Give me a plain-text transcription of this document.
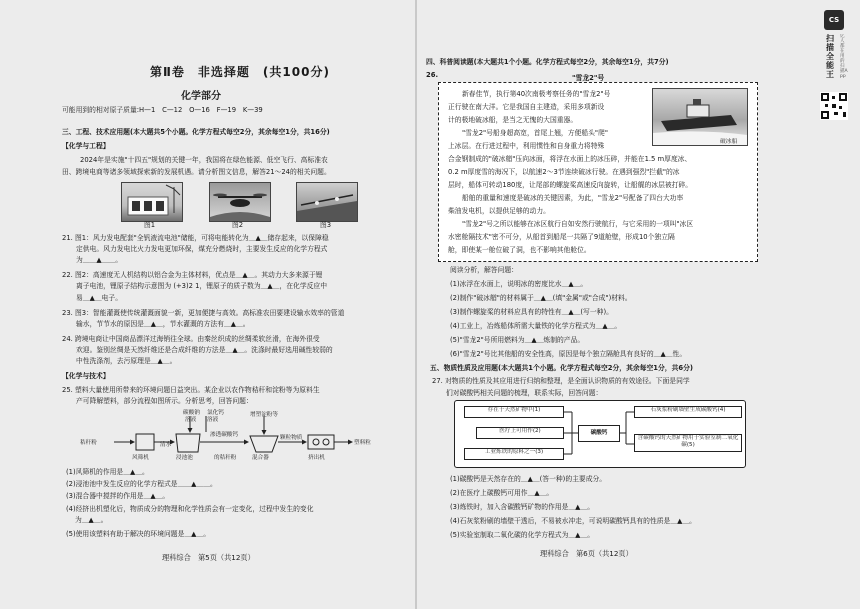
第Ⅱ卷　非选择题　(共100分)
化学部分
可能用到的相对原子质量:H—1　C—12　O—16　F—19　K—39
三、工程、技术应用题(本大题共5个小题。化学方程式每空2分，其余每空1分，共16分)
【化学与工程】
2024年是实施"十四五"规划的关键一年，我国将在绿色能源、低空飞行、高标准农
田、跨境电商等诸多领域探索新的发展机遇。请分析图文信息，解答21～24的相关问题。
图1	图2	图3
21. 图1：风力发电配套"全钒液流电池"储能，可将电能转化为＿▲＿储存起来，以保障稳
定供电。风力发电比火力发电更加环保，煤充分燃烧时，主要发生反应的化学方程式
为＿＿▲＿＿。
22. 图2：高速度无人机结构以铝合金为主体材料，优点是＿▲＿。其动力大多来源于锂
离子电池，锂原子结构示意图为 (+3)2 1，锂原子的质子数为＿▲＿，在化学反应中
易＿▲＿电子。
23. 图3：智能灌溉使传统灌溉面貌一新，更加便捷与高效。高标准农田要建设输水效率的管道
输水，节节水的原因是＿▲＿，节水灌溉的方法有＿▲＿。
24. 跨境电商让中国商品漂洋过海销往全球。由秦丝织成的丝绸柔软丝滑，在海外很受
欢迎。鉴别丝绸是天然纤维还是合成纤维的方法是＿▲＿。洗涤时最好选用碱性较弱的
中性洗涤剂，去污原理是＿▲＿。
【化学与技术】
25. 塑料大量使用所带来的环境问题日益突出。某企业以农作物秸秆和淀粉等为原料生
产可降解塑料，部分流程如图所示。分析思考，回答问题：
秸秆粉
风筛机	浸池池
清水
碳酸钠 氯化钙
溶液 溶液
渗透碳酸钙
的秸秆粉
增塑淀粉等
混合器
颗粒物质
挤出机
塑料粒
(1)风筛机的作用是＿▲＿。
(2)浸池池中发生反应的化学方程式是＿＿▲＿＿。
(3)混合器中搅拌的作用是＿▲＿。
(4)经挤出机塑化后，物质成分的物理和化学性质会有一定变化，过程中发生的变化
　 为＿▲＿。
(5)使用该塑料有助于解决的环境问题是＿▲＿。
理科综合　第5页（共12页）
四、科普阅读题(本大题共1个小题。化学方程式每空2分，其余每空1分，共7分)
26.	"雪龙2"号
破冰船
新春佳节，执行第40次南极考察任务的"雪龙2"号
正行驶在南大洋。它是我国自主建造，采用多项新设
计的极地破冰船，是当之无愧的大国重器。
"雪龙2"号船身超高宽，首尾上翘，方便船头"爬"
上冰层。在行进过程中，利用惯性和自身重力将特殊
合金钢制成的"破冰艏"压向冰面，将浮在水面上的冰压碎，并能在1.5 m厚度冰、
0.2 m厚度雪的海况下，以航速2～3节连续破冰行驶。在遇到强烈"拦截"的冰
层时，船体可转动180度，让尾部的螺旋桨高速反向旋转，让船艉的冰层被打碎。
船舶的重量和速度是破冰的关键因素，为此，"雪龙2"号配备了四台大功率
柴油发电机，以提供足够的动力。
"雪龙2"号之所以能够在冰区航行自如安然行驶航行，与它采用的一项叫"冰区
水密舱隔技术"密不可分，从船首到船尾一共隔了9道舱壁，形成10个独立隔
舱，即使某一舱位破了洞，也不影响其他舱位。
阅读分析，解答问题：
(1)冰浮在水面上，说明冰的密度比水＿▲＿。
(2)制作"破冰艏"的材料属于＿▲＿(填"金属"或"合成")材料。
(3)制作螺旋桨的材料应具有的特性有＿▲＿(写一种)。
(4)工业上，冶炼船体所需大量铁的化学方程式为＿▲＿。
(5)"雪龙2"号所用燃料为＿▲＿炼制的产品。
(6)"雪龙2"号比其他船的安全性高，原因是每个独立隔舱具有良好的＿▲＿性。
五、物质性质及应用题(本大题共1个小题。化学方程式每空2分，其余每空1分，共6分)
27. 对物质的性质及其应用进行归纳和整理，是全面认识物质的有效途径。下面是同学
们对碳酸钙相关问题的梳理，联系实际，回答问题：
存在于天然矿物中(1)
医疗上可用作(2)
工业炼铁的原料之一(3)
碳酸钙
石灰浆粉刷墙壁生成碳酸钙(4)
含碳酸钙的天然矿物用于实验室制二氧化碳(5)
(1)碳酸钙是天然存在的＿▲＿(答一种)的主要成分。
(2)在医疗上碳酸钙可用作＿▲＿。
(3)炼铁时，加入含碳酸钙矿物的作用是＿▲＿。
(4)石灰浆粉刷的墙壁干透后，不易被水冲走，可说明碳酸钙具有的性质是＿▲＿。
(5)实验室制取二氧化碳的化学方程式为＿▲＿。
理科综合　第6页（共12页）
CS
扫描全能王
亿人都在用的扫描App
